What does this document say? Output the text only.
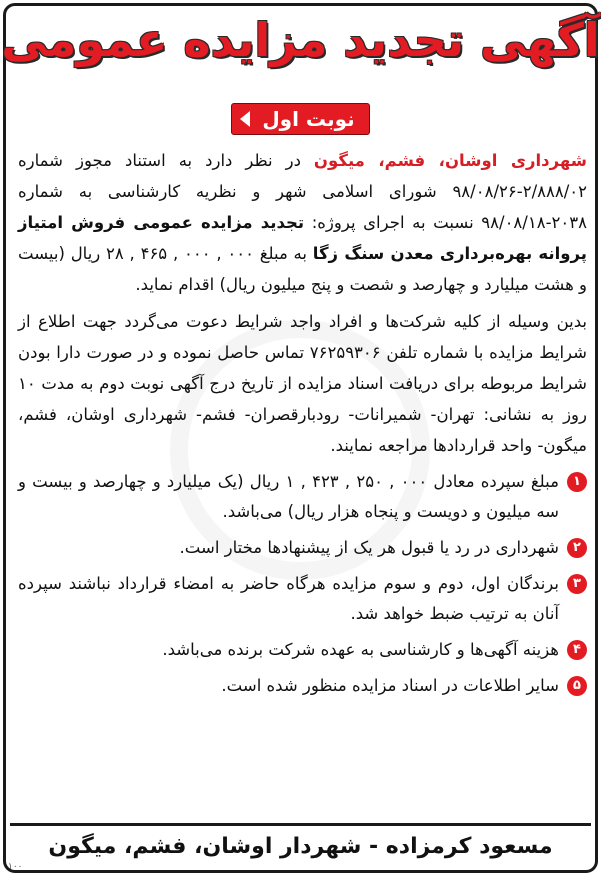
آگهی تجدید مزایده عمومی
نوبت اول

شهرداری اوشان، فشم، میگون در نظر دارد به استناد مجوز شماره ۲/۸۸۸/۰۲-۹۸/۰۸/۲۶ شورای اسلامی شهر و نظریه کارشناسی به شماره ۲۰۳۸-۹۸/۰۸/۱۸ نسبت به اجرای پروژه: تجدید مزایده عمومی فروش امتیاز پروانه بهره‌برداری معدن سنگ زگا به مبلغ ۰۰۰ , ۰۰۰ , ۴۶۵ , ۲۸ ریال (بیست و هشت میلیارد و چهارصد و شصت و پنج میلیون ریال) اقدام نماید.

بدین وسیله از کلیه شرکت‌ها و افراد واجد شرایط دعوت می‌گردد جهت اطلاع از شرایط مزایده با شماره تلفن ۷۶۲۵۹۳۰۶ تماس حاصل نموده و در صورت دارا بودن شرایط مربوطه برای دریافت اسناد مزایده از تاریخ درج آگهی نوبت دوم به مدت ۱۰ روز به نشانی: تهران- شمیرانات- رودبارقصران- فشم- شهرداری اوشان، فشم، میگون- واحد قراردادها مراجعه نمایند.

۱
مبلغ سپرده معادل ۰۰۰ , ۲۵۰ , ۴۲۳ , ۱ ریال (یک میلیارد و چهارصد و بیست و سه میلیون و دویست و پنجاه هزار ریال) می‌باشد.
۲
شهرداری در رد یا قبول هر یک از پیشنهادها مختار است.
۳
برندگان اول، دوم و سوم مزایده هرگاه حاضر به امضاء قرارداد نباشند سپرده آنان به ترتیب ضبط خواهد شد.
۴
هزینه آگهی‌ها و کارشناسی به عهده شرکت برنده می‌باشد.
۵
سایر اطلاعات در اسناد مزایده منظور شده است.
مسعود کرمزاده - شهردار اوشان، فشم، میگون
۱۰۰
